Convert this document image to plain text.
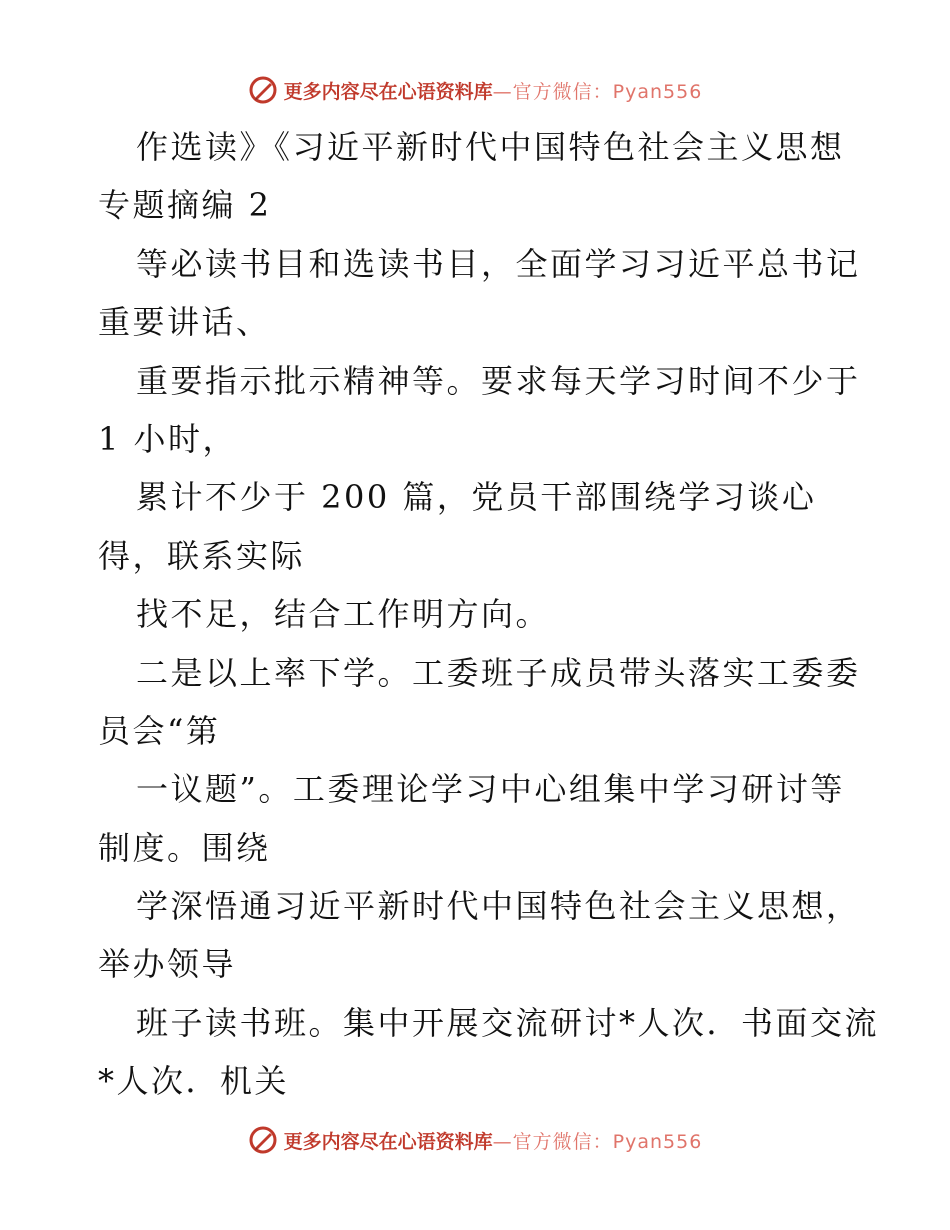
更多内容尽在心语资料库 —官方微信：Pyan556
作选读》《习近平新时代中国特色社会主义思想
专题摘编 2
等必读书目和选读书目，全面学习习近平总书记
重要讲话、
重要指示批示精神等。要求每天学习时间不少于
1 小时，
累计不少于 200 篇，党员干部围绕学习谈心
得，联系实际
找不足，结合工作明方向。
二是以上率下学。工委班子成员带头落实工委委
员会“第
一议题”。工委理论学习中心组集中学习研讨等
制度。围绕
学深悟通习近平新时代中国特色社会主义思想，
举办领导
班子读书班。集中开展交流研讨*人次．书面交流
*人次．机关
更多内容尽在心语资料库 —官方微信：Pyan556
